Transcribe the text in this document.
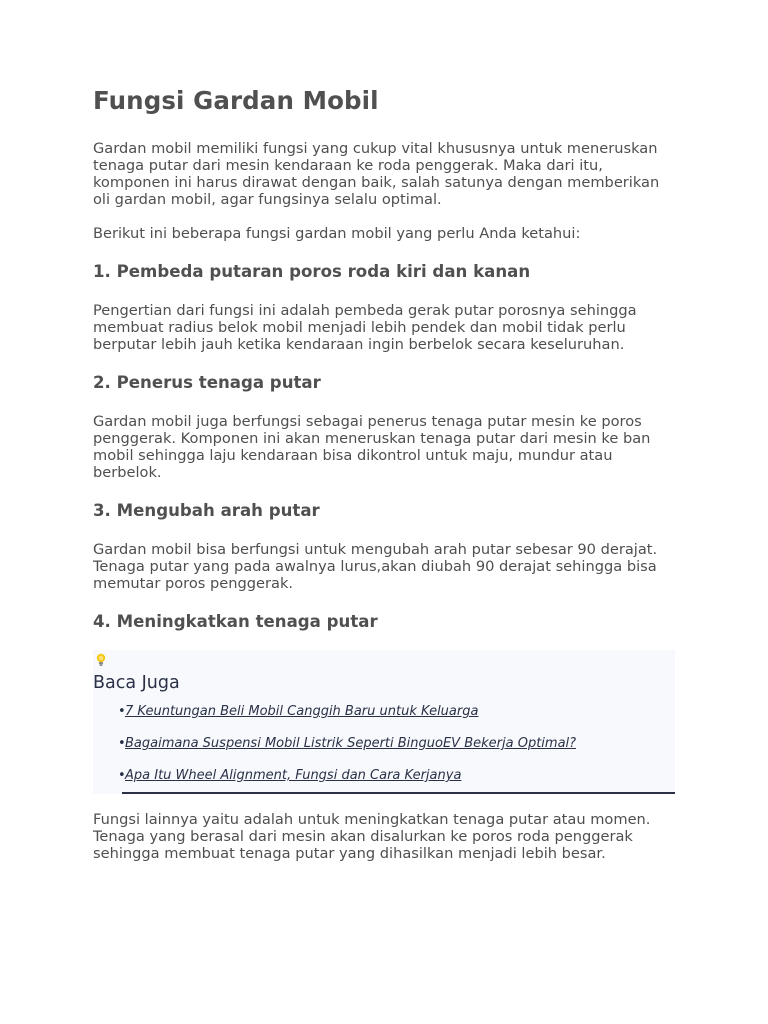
Fungsi Gardan Mobil

Gardan mobil memiliki fungsi yang cukup vital khususnya untuk meneruskan tenaga putar dari mesin kendaraan ke roda penggerak. Maka dari itu, komponen ini harus dirawat dengan baik, salah satunya dengan memberikan oli gardan mobil, agar fungsinya selalu optimal.

Berikut ini beberapa fungsi gardan mobil yang perlu Anda ketahui:

1. Pembeda putaran poros roda kiri dan kanan

Pengertian dari fungsi ini adalah pembeda gerak putar porosnya sehingga membuat radius belok mobil menjadi lebih pendek dan mobil tidak perlu berputar lebih jauh ketika kendaraan ingin berbelok secara keseluruhan.

2. Penerus tenaga putar

Gardan mobil juga berfungsi sebagai penerus tenaga putar mesin ke poros penggerak. Komponen ini akan meneruskan tenaga putar dari mesin ke ban mobil sehingga laju kendaraan bisa dikontrol untuk maju, mundur atau berbelok.

3. Mengubah arah putar

Gardan mobil bisa berfungsi untuk mengubah arah putar sebesar 90 derajat. Tenaga putar yang pada awalnya lurus,akan diubah 90 derajat sehingga bisa memutar poros penggerak.

4. Meningkatkan tenaga putar
Baca Juga
• 7 Keuntungan Beli Mobil Canggih Baru untuk Keluarga
• Bagaimana Suspensi Mobil Listrik Seperti BinguoEV Bekerja Optimal?
• Apa Itu Wheel Alignment, Fungsi dan Cara Kerjanya

Fungsi lainnya yaitu adalah untuk meningkatkan tenaga putar atau momen. Tenaga yang berasal dari mesin akan disalurkan ke poros roda penggerak sehingga membuat tenaga putar yang dihasilkan menjadi lebih besar.
